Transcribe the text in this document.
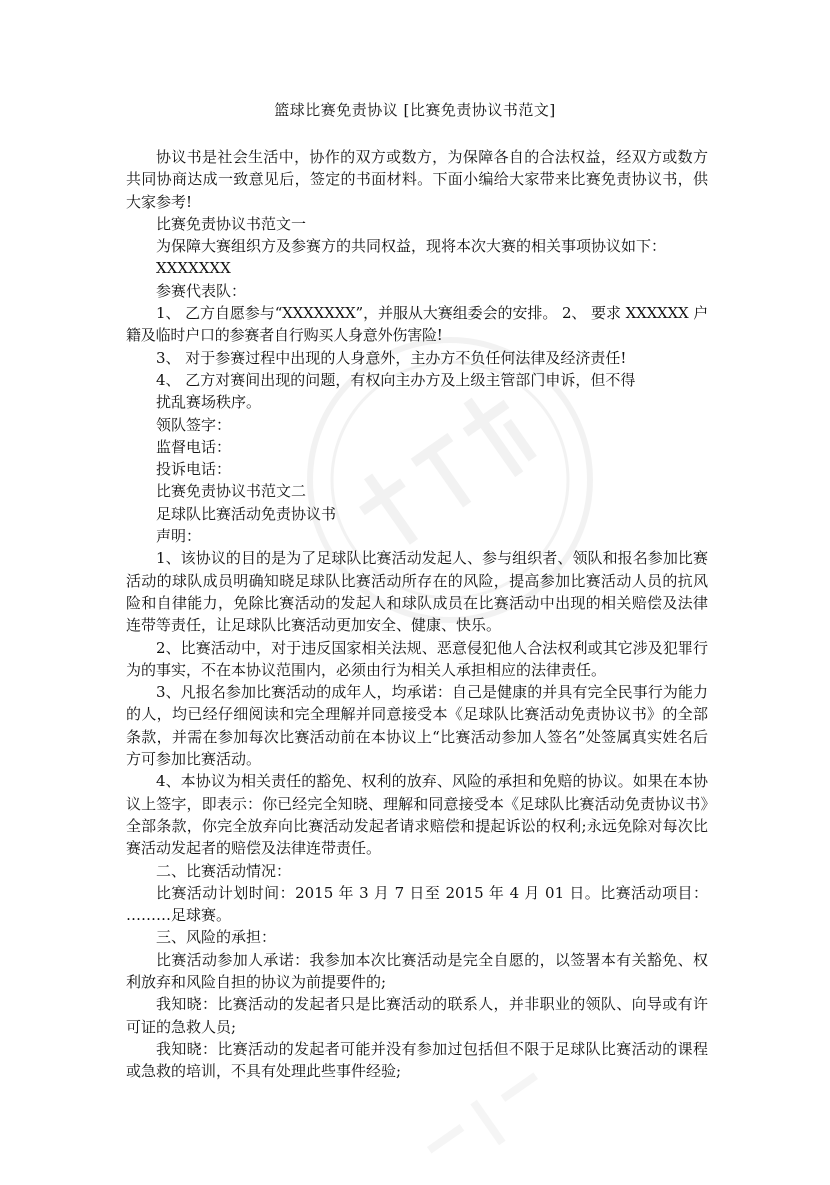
篮球比赛免责协议 [比赛免责协议书范文]

协议书是社会生活中，协作的双方或数方，为保障各自的合法权益，经双方或数方共同协商达成一致意见后，签定的书面材料。下面小编给大家带来比赛免责协议书，供大家参考!

比赛免责协议书范文一

为保障大赛组织方及参赛方的共同权益，现将本次大赛的相关事项协议如下：

XXXXXXX

参赛代表队：

1、 乙方自愿参与“XXXXXXX”，并服从大赛组委会的安排。 2、 要求 XXXXXX 户籍及临时户口的参赛者自行购买人身意外伤害险!

3、 对于参赛过程中出现的人身意外，主办方不负任何法律及经济责任!

4、 乙方对赛间出现的问题，有权向主办方及上级主管部门申诉，但不得

扰乱赛场秩序。

领队签字：

监督电话：

投诉电话：

比赛免责协议书范文二

足球队比赛活动免责协议书

声明：

1、该协议的目的是为了足球队比赛活动发起人、参与组织者、领队和报名参加比赛活动的球队成员明确知晓足球队比赛活动所存在的风险，提高参加比赛活动人员的抗风险和自律能力，免除比赛活动的发起人和球队成员在比赛活动中出现的相关赔偿及法律连带等责任，让足球队比赛活动更加安全、健康、快乐。

2、比赛活动中，对于违反国家相关法规、恶意侵犯他人合法权利或其它涉及犯罪行为的事实，不在本协议范围内，必须由行为相关人承担相应的法律责任。

3、凡报名参加比赛活动的成年人，均承诺：自己是健康的并具有完全民事行为能力的人，均已经仔细阅读和完全理解并同意接受本《足球队比赛活动免责协议书》的全部条款，并需在参加每次比赛活动前在本协议上“比赛活动参加人签名”处签属真实姓名后方可参加比赛活动。

4、本协议为相关责任的豁免、权利的放弃、风险的承担和免赔的协议。如果在本协议上签字，即表示：你已经完全知晓、理解和同意接受本《足球队比赛活动免责协议书》全部条款，你完全放弃向比赛活动发起者请求赔偿和提起诉讼的权利;永远免除对每次比赛活动发起者的赔偿及法律连带责任。

二、比赛活动情况：

比赛活动计划时间：2015 年 3 月 7 日至 2015 年 4 月 01 日。比赛活动项目： ………足球赛。

三、风险的承担：

比赛活动参加人承诺：我参加本次比赛活动是完全自愿的，以签署本有关豁免、权利放弃和风险自担的协议为前提要件的;

我知晓：比赛活动的发起者只是比赛活动的联系人，并非职业的领队、向导或有许可证的急救人员;

我知晓：比赛活动的发起者可能并没有参加过包括但不限于足球队比赛活动的课程或急救的培训，不具有处理此些事件经验;
